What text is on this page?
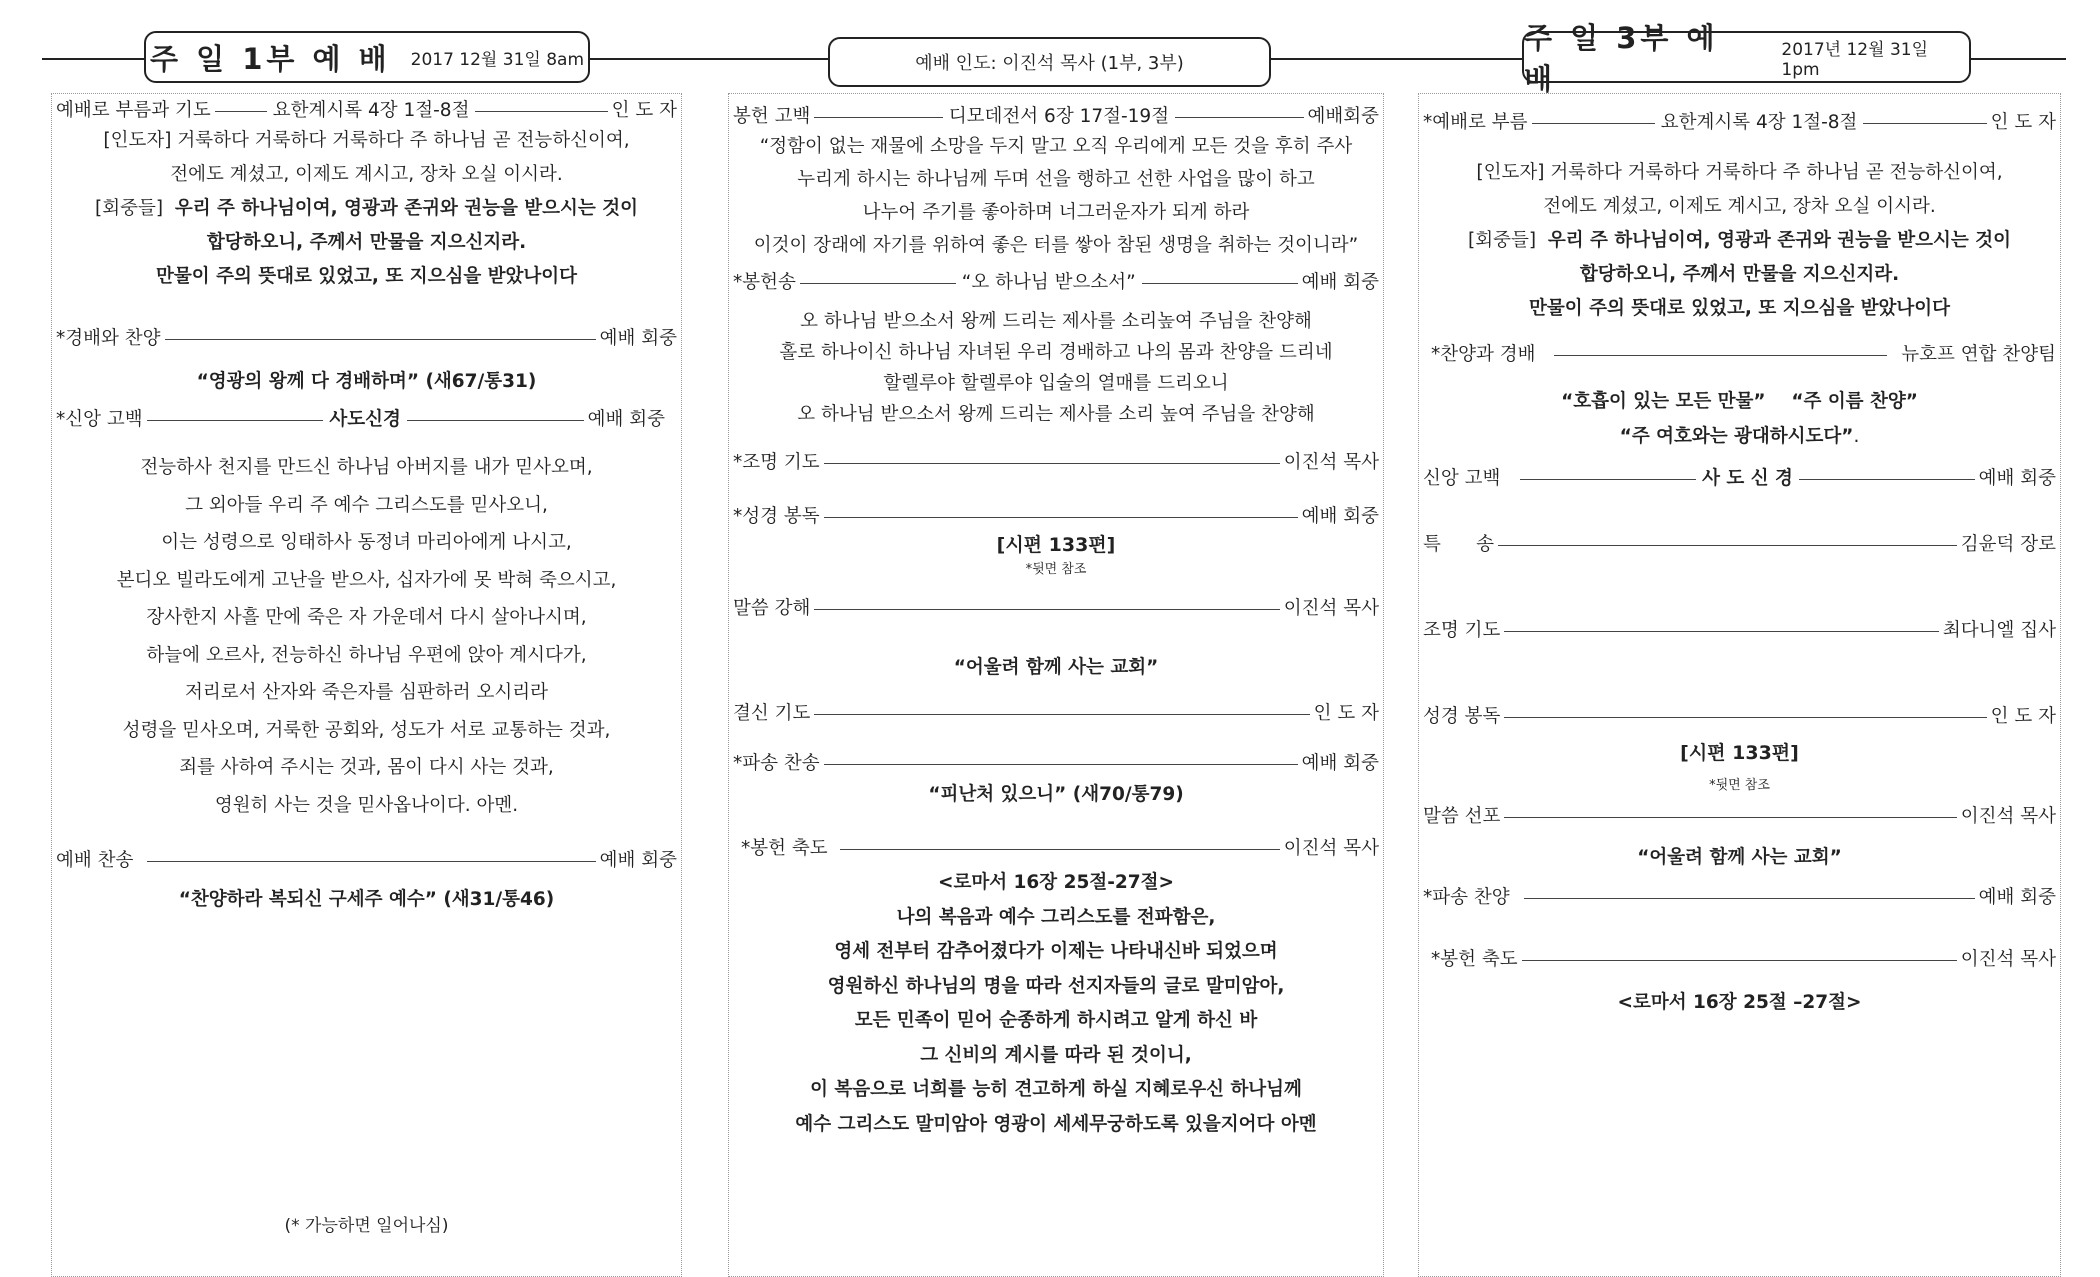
주 일 1부 예 배 2017 12월 31일 8am	예배 인도: 이진석 목사 (1부, 3부)
주 일 3부 예 배
2017년 12월 31일 1pm
예배로 부름과 기도	요한계시록 4장 1절-8절	인 도 자
[인도자] 거룩하다 거룩하다 거룩하다 주 하나님 곧 전능하신이여,
전에도 계셨고, 이제도 계시고, 장차 오실 이시라.
[회중들] 우리 주 하나님이여, 영광과 존귀와 권능을 받으시는 것이
합당하오니, 주께서 만물을 지으신지라.
만물이 주의 뜻대로 있었고, 또 지으심을 받았나이다
*경배와 찬양	예배 회중
“영광의 왕께 다 경배하며” (새67/통31)
*신앙 고백	사도신경	예배 회중
전능하사 천지를 만드신 하나님 아버지를 내가 믿사오며,
그 외아들 우리 주 예수 그리스도를 믿사오니,
이는 성령으로 잉태하사 동정녀 마리아에게 나시고,
본디오 빌라도에게 고난을 받으사, 십자가에 못 박혀 죽으시고,
장사한지 사흘 만에 죽은 자 가운데서 다시 살아나시며,
하늘에 오르사, 전능하신 하나님 우편에 앉아 계시다가,
저리로서 산자와 죽은자를 심판하러 오시리라
성령을 믿사오며, 거룩한 공회와, 성도가 서로 교통하는 것과,
죄를 사하여 주시는 것과, 몸이 다시 사는 것과,
영원히 사는 것을 믿사옵나이다. 아멘.
예배 찬송	예배 회중
“찬양하라 복되신 구세주 예수” (새31/통46)
(* 가능하면 일어나심)
봉헌 고백	디모데전서 6장 17절-19절	예배회중
“정함이 없는 재물에 소망을 두지 말고 오직 우리에게 모든 것을 후히 주사
누리게 하시는 하나님께 두며 선을 행하고 선한 사업을 많이 하고
나누어 주기를 좋아하며 너그러운자가 되게 하라
이것이 장래에 자기를 위하여 좋은 터를 쌓아 참된 생명을 취하는 것이니라”
*봉헌송	“오 하나님 받으소서”	예배 회중
오 하나님 받으소서 왕께 드리는 제사를 소리높여 주님을 찬양해
홀로 하나이신 하나님 자녀된 우리 경배하고 나의 몸과 찬양을 드리네
할렐루야 할렐루야 입술의 열매를 드리오니
오 하나님 받으소서 왕께 드리는 제사를 소리 높여 주님을 찬양해
*조명 기도	이진석 목사
*성경 봉독	예배 회중
[시편 133편]
*뒷면 참조
말씀 강해	이진석 목사
“어울려 함께 사는 교회”
결신 기도	인 도 자
*파송 찬송	예배 회중
“피난처 있으니” (새70/통79)
*봉헌 축도	이진석 목사
<로마서 16장 25절-27절>
나의 복음과 예수 그리스도를 전파함은,
영세 전부터 감추어졌다가 이제는 나타내신바 되었으며
영원하신 하나님의 명을 따라 선지자들의 글로 말미암아,
모든 민족이 믿어 순종하게 하시려고 알게 하신 바
그 신비의 계시를 따라 된 것이니,
이 복음으로 너희를 능히 견고하게 하실 지혜로우신 하나님께
예수 그리스도 말미암아 영광이 세세무궁하도록 있을지어다 아멘
*예배로 부름	요한계시록 4장 1절-8절	인 도 자
[인도자] 거룩하다 거룩하다 거룩하다 주 하나님 곧 전능하신이여,
전에도 계셨고, 이제도 계시고, 장차 오실 이시라.
[회중들] 우리 주 하나님이여, 영광과 존귀와 권능을 받으시는 것이
합당하오니, 주께서 만물을 지으신지라.
만물이 주의 뜻대로 있었고, 또 지으심을 받았나이다
*찬양과 경배	뉴호프 연합 찬양팀
“호흡이 있는 모든 만물” “주 이름 찬양”
“주 여호와는 광대하시도다”.
신앙 고백	사 도 신 경	예배 회중
특      송	김윤덕 장로
조명 기도	최다니엘 집사
성경 봉독	인 도 자
[시편 133편]
*뒷면 참조
말씀 선포	이진석 목사
“어울려 함께 사는 교회”
*파송 찬양	예배 회중
*봉헌 축도	이진석 목사
<로마서 16장 25절 –27절>
